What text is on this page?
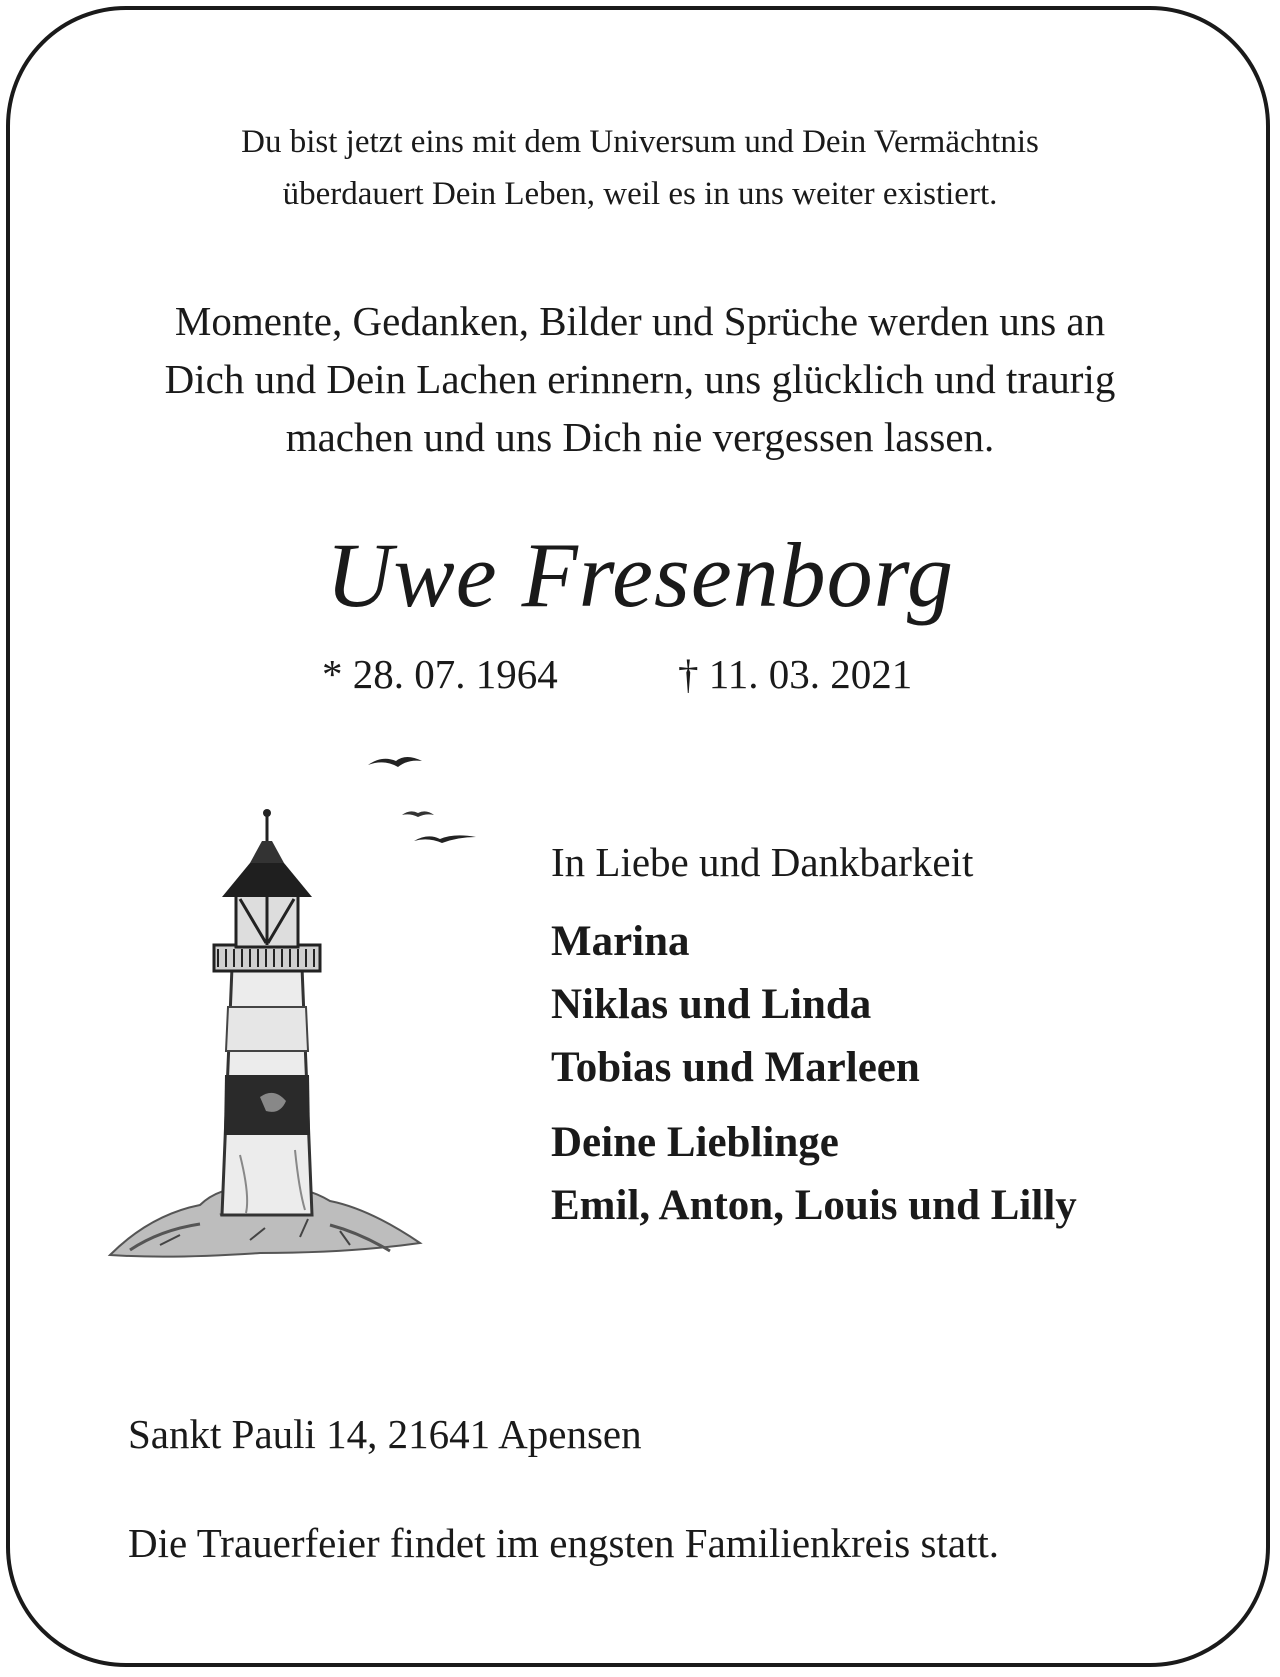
Du bist jetzt eins mit dem Universum und Dein Vermächtnis
überdauert Dein Leben, weil es in uns weiter existiert.
Momente, Gedanken, Bilder und Sprüche werden uns an
Dich und Dein Lachen erinnern, uns glücklich und traurig
machen und uns Dich nie vergessen lassen.
Uwe Fresenborg
* 28. 07. 1964	† 11. 03. 2021
In Liebe und Dankbarkeit
Marina
Niklas und Linda
Tobias und Marleen
Deine Lieblinge
Emil, Anton, Louis und Lilly
Sankt Pauli 14, 21641 Apensen
Die Trauerfeier findet im engsten Familienkreis statt.
